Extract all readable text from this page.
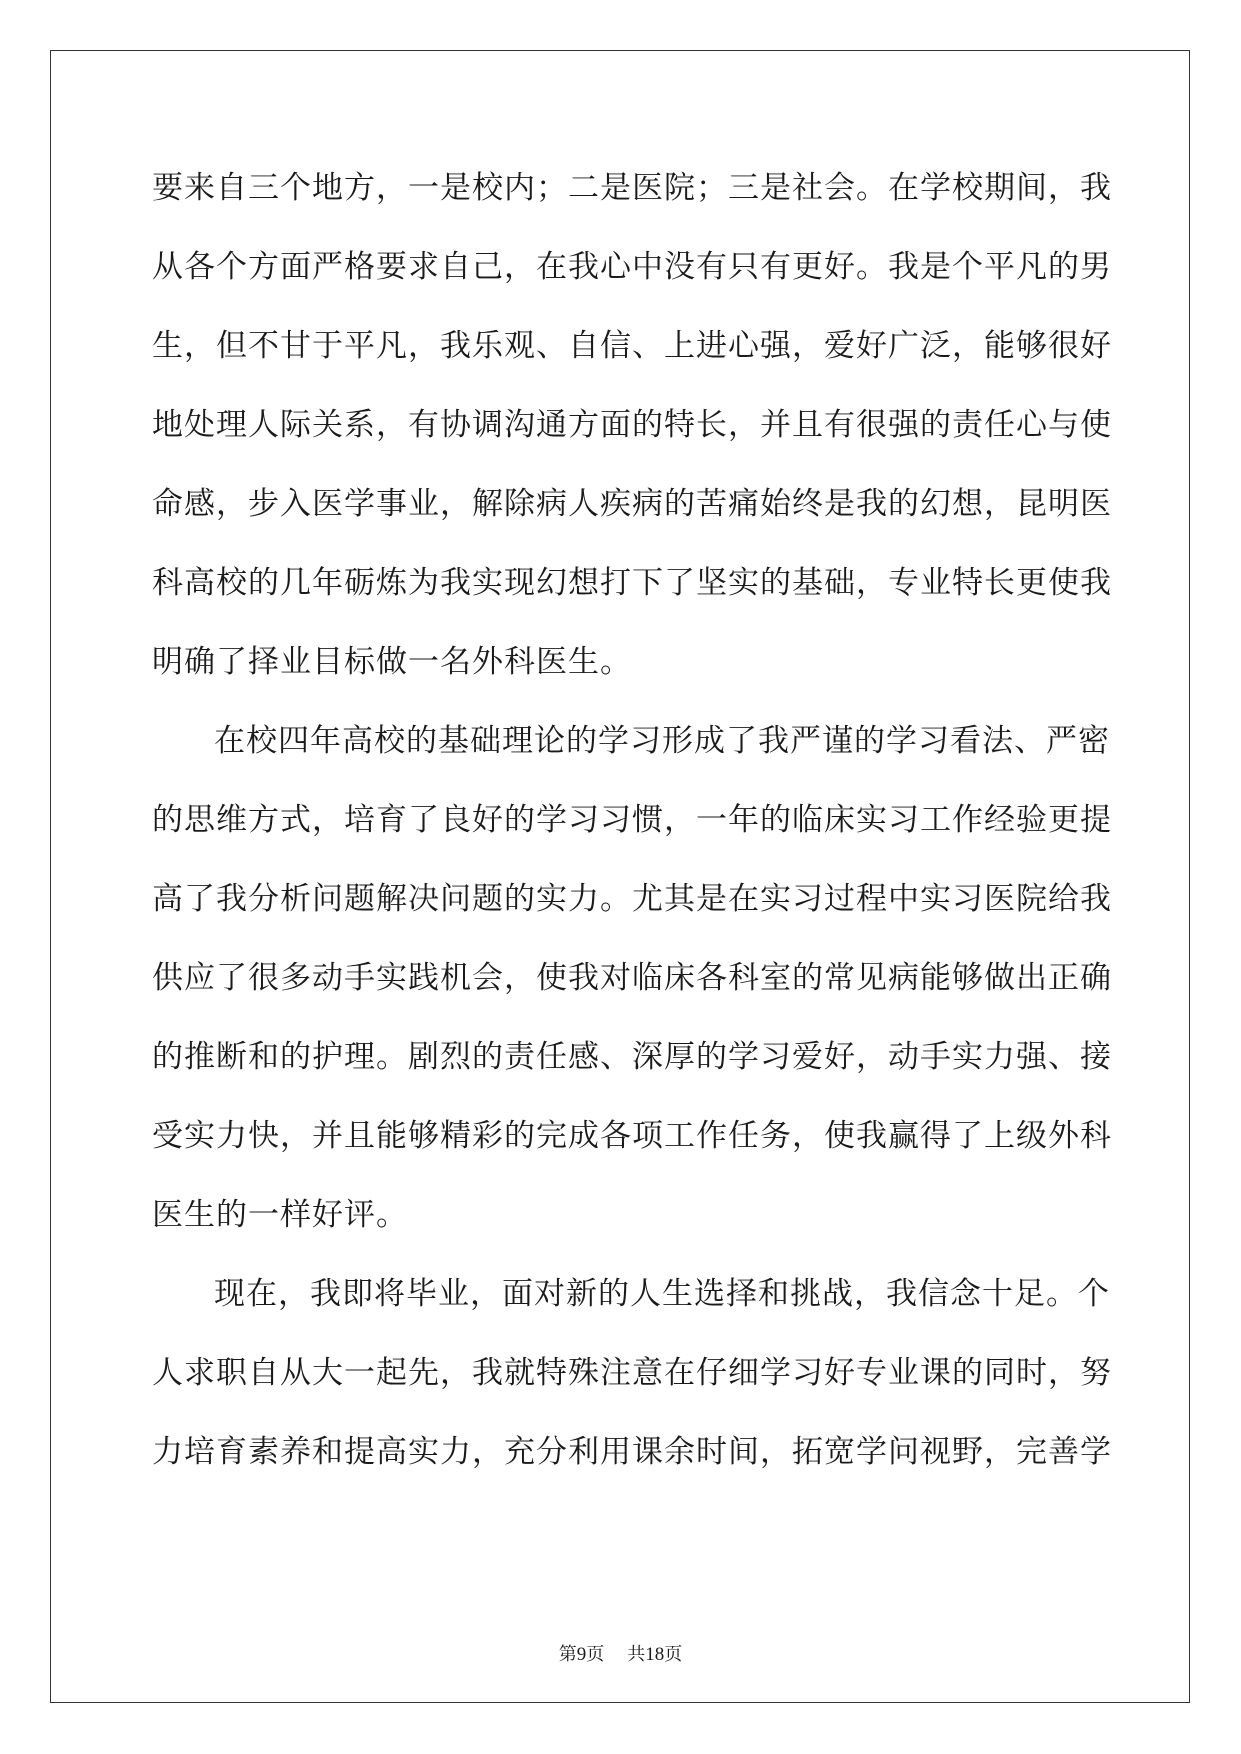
要来自三个地方，一是校内；二是医院；三是社会。在学校期间，我
从各个方面严格要求自己，在我心中没有只有更好。我是个平凡的男
生，但不甘于平凡，我乐观、自信、上进心强，爱好广泛，能够很好
地处理人际关系，有协调沟通方面的特长，并且有很强的责任心与使
命感，步入医学事业，解除病人疾病的苦痛始终是我的幻想，昆明医
科高校的几年砺炼为我实现幻想打下了坚实的基础，专业特长更使我
明确了择业目标做一名外科医生。
在校四年高校的基础理论的学习形成了我严谨的学习看法、严密
的思维方式，培育了良好的学习习惯，一年的临床实习工作经验更提
高了我分析问题解决问题的实力。尤其是在实习过程中实习医院给我
供应了很多动手实践机会，使我对临床各科室的常见病能够做出正确
的推断和的护理。剧烈的责任感、深厚的学习爱好，动手实力强、接
受实力快，并且能够精彩的完成各项工作任务，使我赢得了上级外科
医生的一样好评。
现在，我即将毕业，面对新的人生选择和挑战，我信念十足。个
人求职自从大一起先，我就特殊注意在仔细学习好专业课的同时，努
力培育素养和提高实力，充分利用课余时间，拓宽学问视野，完善学
第9页 共18页
